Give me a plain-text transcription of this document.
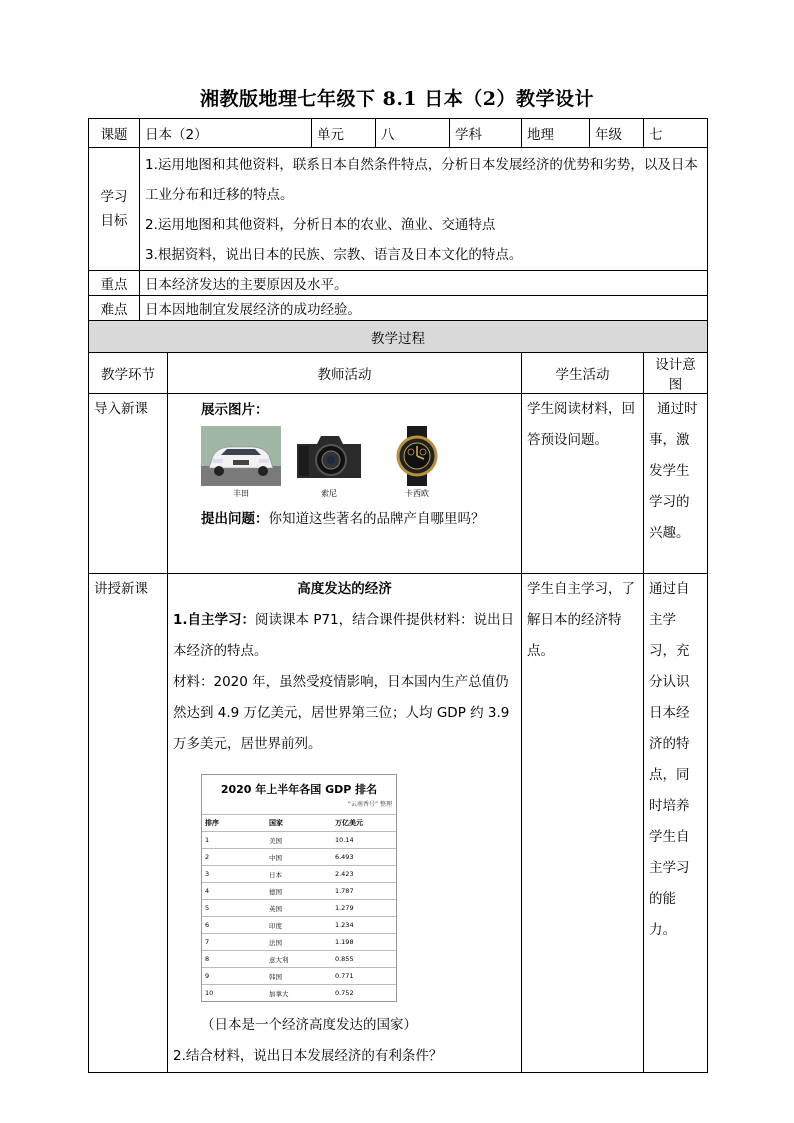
湘教版地理七年级下 8.1 日本（2）教学设计
课题	日本（2）	单元	八	学科	地理	年级	七
学习目标	
1.运用地图和其他资料，联系日本自然条件特点，分析日本发展经济的优势和劣势，以及日本工业分布和迁移的特点。
2.运用地图和其他资料，分析日本的农业、渔业、交通特点
3.根据资料，说出日本的民族、宗教、语言及日本文化的特点。

重点	日本经济发达的主要原因及水平。
难点	日本因地制宜发展经济的成功经验。
教学过程
教学环节	教师活动	学生活动	设计意图
导入新课	展示图片：
丰田	索尼	卡西欧
提出问题：你知道这些著名的品牌产自哪里吗？
	学生阅读材料，回答预设问题。	通过时事，激发学生学习的兴趣。
讲授新课	高度发达的经济
1.自主学习：阅读课本 P71，结合课件提供材料：说出日本经济的特点。
材料：2020 年，虽然受疫情影响，日本国内生产总值仍然达到 4.9 万亿美元，居世界第三位；人均 GDP 约 3.9 万多美元，居世界前列。
2020 年上半年各国 GDP 排名
“云南香号” 整理
排序	国家	万亿美元
1	美国	10.14
2	中国	6.493
3	日本	2.423
4	德国	1.787
5	英国	1.279
6	印度	1.234
7	法国	1.198
8	意大利	0.855
9	韩国	0.771
10	加拿大	0.752
（日本是一个经济高度发达的国家）
2.结合材料，说出日本发展经济的有利条件？
	学生自主学习，了解日本的经济特点。	通过自主学习，充分认识日本经济的特点，同时培养学生自主学习的能力。
